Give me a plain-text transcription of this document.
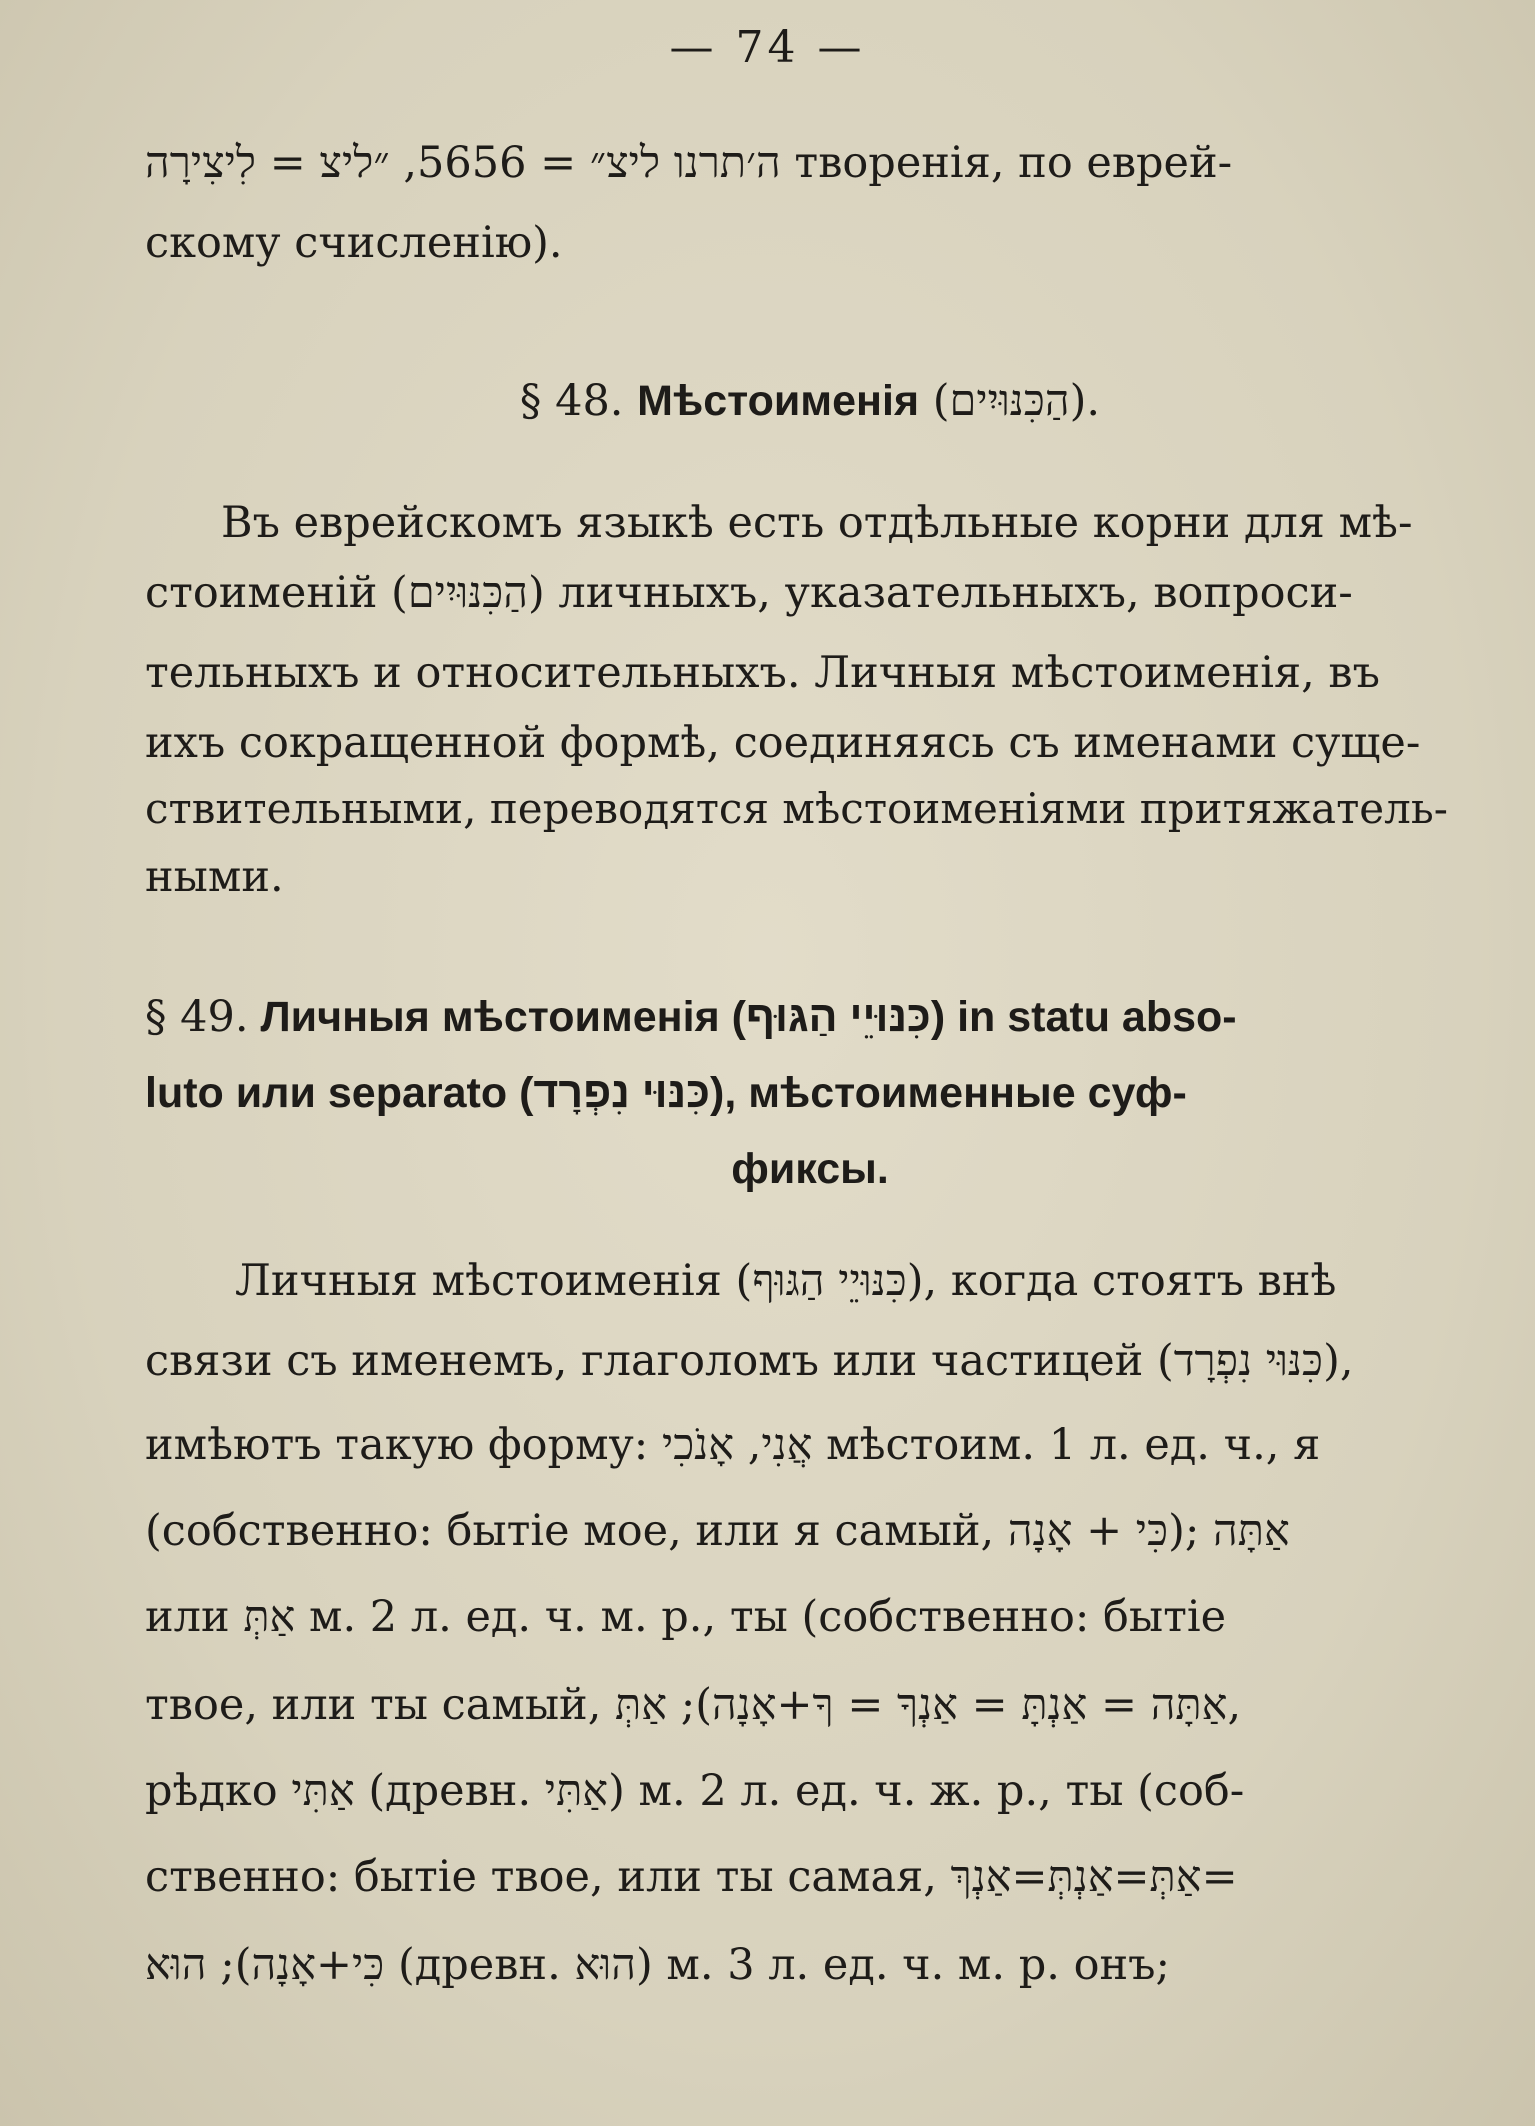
— 74 —
ה׳תרנו ליצ״ = 5656, ״ליצ = לִיצִירָה творенія, по еврей-
скому счисленію).
§ 48. Мѣстоименія (הַכִּנּוּיִים).
Въ еврейскомъ языкѣ есть отдѣльные корни для мѣ-
стоименій (הַכִּנּוּיִים) личныхъ, указательныхъ, вопроси-
тельныхъ и относительныхъ. Личныя мѣстоименія, въ
ихъ сокращенной формѣ, соединяясь съ именами суще-
ствительными, переводятся мѣстоименіями притяжатель-
ными.
§ 49. Личныя мѣстоименія (כִּנּוּיֵי הַגּוּף) in statu abso-
luto или separato (כִּנּוּי נִפְרָד), мѣстоименные суф-
фиксы.
Личныя мѣстоименія (כִּנּוּיֵי הַגּוּף), когда стоятъ внѣ
связи съ именемъ, глаголомъ или частицей (כִּנּוּי נִפְרָד),
имѣютъ такую форму: אֲנִי, אָנֹכִי мѣстоим. 1 л. ед. ч., я
(собственно: бытіе мое, или я самый, כִּי + אָנָה); אַתָּה
или אַתְּ м. 2 л. ед. ч. м. р., ты (собственно: бытіе
твое, или ты самый, אַתָּה = אַנְתָּ = אַנְךָ = ךָ+אָנָה); אַתְּ,
рѣдко אַתִּי (древн. אַתִּי) м. 2 л. ед. ч. ж. р., ты (соб-
ственно: бытіе твое, или ты самая, אַתְּ=אַנְתְּ=אַנְךְ=
כִּי+אָנָה); הוּא (древн. הוּא) м. 3 л. ед. ч. м. р. онъ;
